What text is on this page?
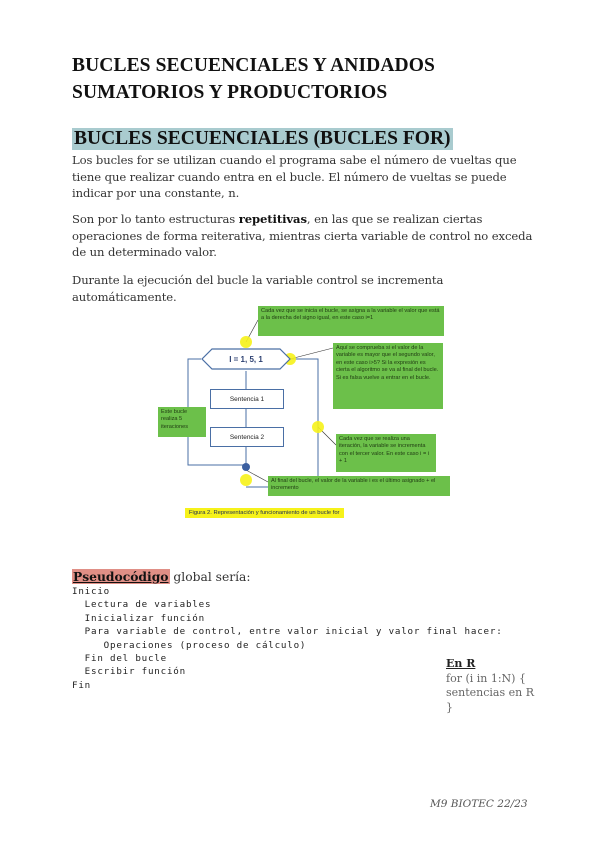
BUCLES SECUENCIALES Y ANIDADOS
SUMATORIOS Y PRODUCTORIOS
BUCLES SECUENCIALES (BUCLES FOR)
Los bucles for se utilizan cuando el programa sabe el número de vueltas que tiene que realizar cuando entra en el bucle. El número de vueltas se puede indicar por una constante, n.
Son por lo tanto estructuras repetitivas, en las que se realizan ciertas operaciones de forma reiterativa, mientras cierta variable de control no exceda de un determinado valor.
Durante la ejecución del bucle la variable control se incrementa automáticamente.
I = 1, 5, 1
Sentencia 1
Sentencia 2
Cada vez que se inicia el bucle, se asigna a la variable el valor que está a la derecha del signo igual, en este caso i=1
Aquí se comprueba si el valor de la variable es mayor que el segundo valor, en este caso i>5? Si la expresión es cierta el algoritmo se va al final del bucle. Si es falsa vuelve a entrar en el bucle.
Este bucle realiza 5 iteraciones
Cada vez que se realiza una iteración, la variable se incrementa con el tercer valor. En este caso i = i + 1
Al final del bucle, el valor de la variable i es el último asignado + el incremento
Figura 2. Representación y funcionamiento de un bucle for
Pseudocódigo global sería:
Inicio
Lectura de variables
Inicializar función
Para variable de control, entre valor inicial y valor final hacer:
Operaciones (proceso de cálculo)
Fin del bucle
Escribir función
Fin
En R
for (i in 1:N) {
sentencias en R
}
M9 BIOTEC 22/23
